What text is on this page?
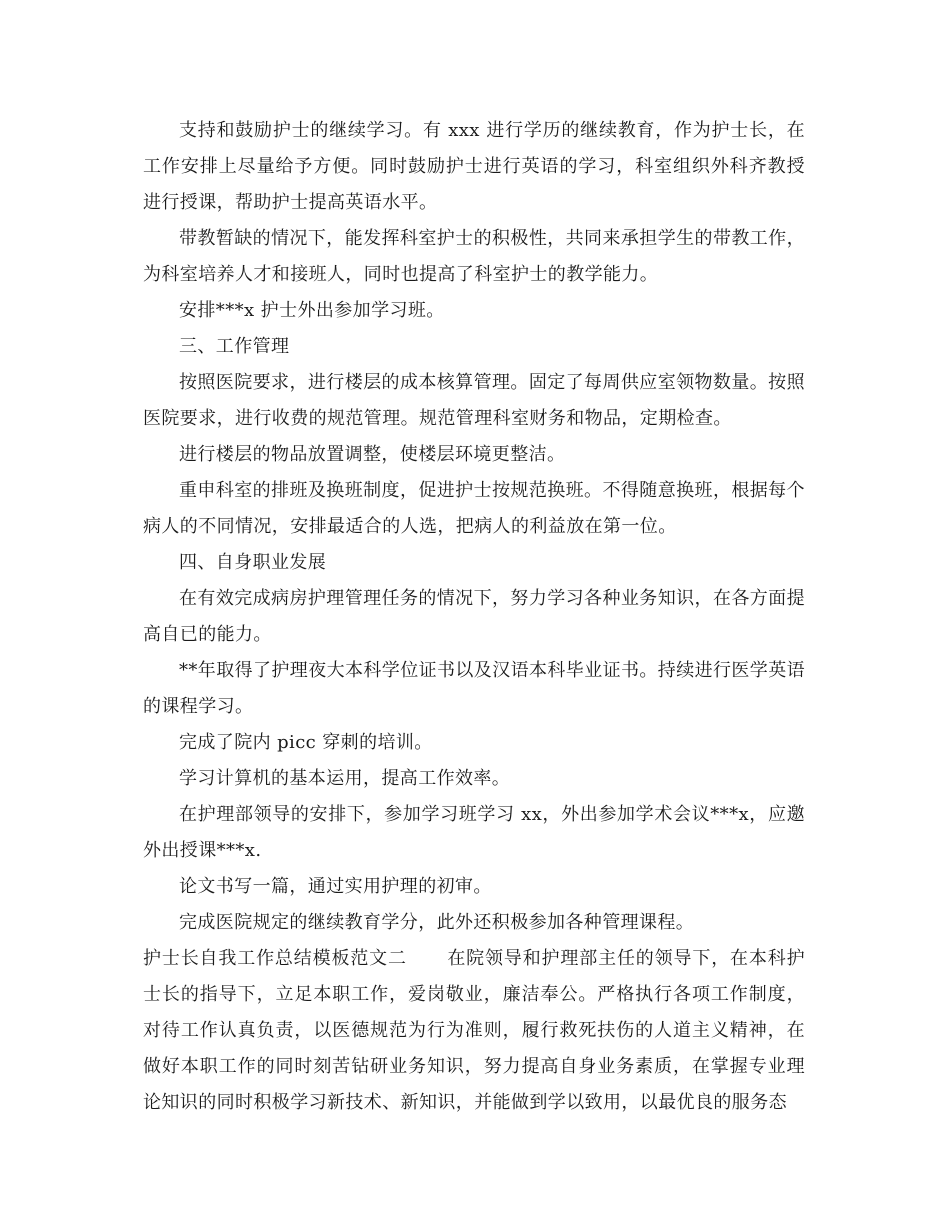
支持和鼓励护士的继续学习。有 xxx 进行学历的继续教育，作为护士长，在工作安排上尽量给予方便。同时鼓励护士进行英语的学习，科室组织外科齐教授进行授课，帮助护士提高英语水平。

带教暂缺的情况下，能发挥科室护士的积极性，共同来承担学生的带教工作，为科室培养人才和接班人，同时也提高了科室护士的教学能力。

安排***x 护士外出参加学习班。

三、工作管理

按照医院要求，进行楼层的成本核算管理。固定了每周供应室领物数量。按照医院要求，进行收费的规范管理。规范管理科室财务和物品，定期检查。

进行楼层的物品放置调整，使楼层环境更整洁。

重申科室的排班及换班制度，促进护士按规范换班。不得随意换班，根据每个病人的不同情况，安排最适合的人选，把病人的利益放在第一位。

四、自身职业发展

在有效完成病房护理管理任务的情况下，努力学习各种业务知识，在各方面提高自已的能力。

**年取得了护理夜大本科学位证书以及汉语本科毕业证书。持续进行医学英语的课程学习。

完成了院内 picc 穿刺的培训。

学习计算机的基本运用，提高工作效率。

在护理部领导的安排下，参加学习班学习 xx，外出参加学术会议***x，应邀外出授课***x.

论文书写一篇，通过实用护理的初审。

完成医院规定的继续教育学分，此外还积极参加各种管理课程。

护士长自我工作总结模板范文二 在院领导和护理部主任的领导下，在本科护士长的指导下，立足本职工作，爱岗敬业，廉洁奉公。严格执行各项工作制度，对待工作认真负责，以医德规范为行为准则，履行救死扶伤的人道主义精神，在做好本职工作的同时刻苦钻研业务知识，努力提高自身业务素质，在掌握专业理论知识的同时积极学习新技术、新知识，并能做到学以致用，以最优良的服务态
